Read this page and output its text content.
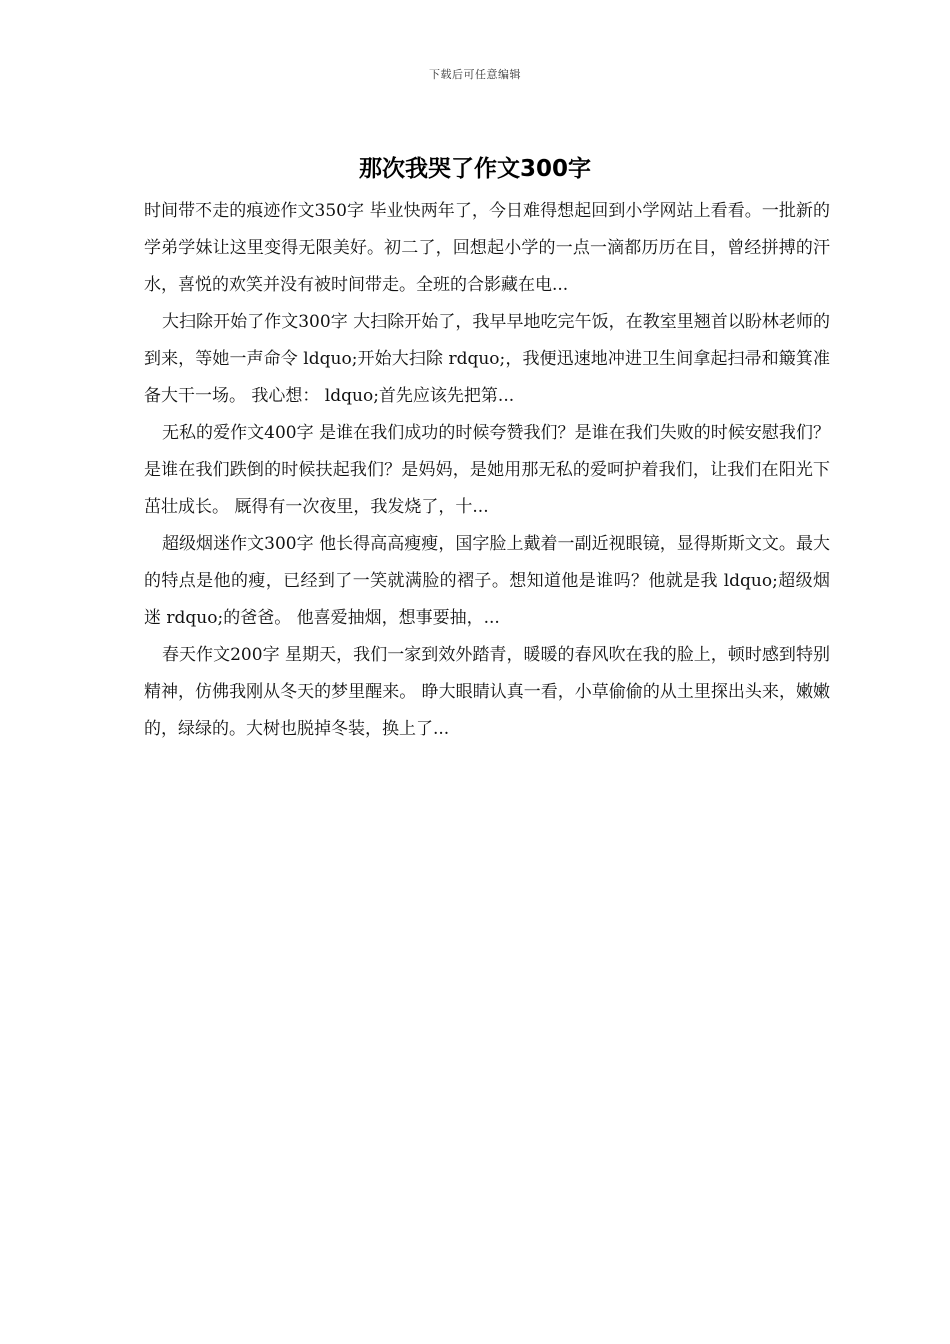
下载后可任意编辑
那次我哭了作文300字

时间带不走的痕迹作文350字 毕业快两年了，今日难得想起回到小学网站上看看。一批新的学弟学妹让这里变得无限美好。初二了，回想起小学的一点一滴都历历在目，曾经拼搏的汗水，喜悦的欢笑并没有被时间带走。全班的合影藏在电...

大扫除开始了作文300字 大扫除开始了，我早早地吃完午饭，在教室里翘首以盼林老师的到来，等她一声命令 ldquo;开始大扫除 rdquo;，我便迅速地冲进卫生间拿起扫帚和簸箕准备大干一场。 我心想： ldquo;首先应该先把第...

无私的爱作文400字 是谁在我们成功的时候夸赞我们？是谁在我们失败的时候安慰我们？是谁在我们跌倒的时候扶起我们？是妈妈，是她用那无私的爱呵护着我们，让我们在阳光下茁壮成长。 厩得有一次夜里，我发烧了，十...

超级烟迷作文300字 他长得高高瘦瘦，国字脸上戴着一副近视眼镜，显得斯斯文文。最大的特点是他的瘦，已经到了一笑就满脸的褶子。想知道他是谁吗？他就是我 ldquo;超级烟迷 rdquo;的爸爸。 他喜爱抽烟，想事要抽，...

春天作文200字 星期天，我们一家到效外踏青，暖暖的春风吹在我的脸上，顿时感到特别精神，仿佛我刚从冬天的梦里醒来。 睁大眼睛认真一看，小草偷偷的从土里探出头来，嫩嫩的，绿绿的。大树也脱掉冬装，换上了...
